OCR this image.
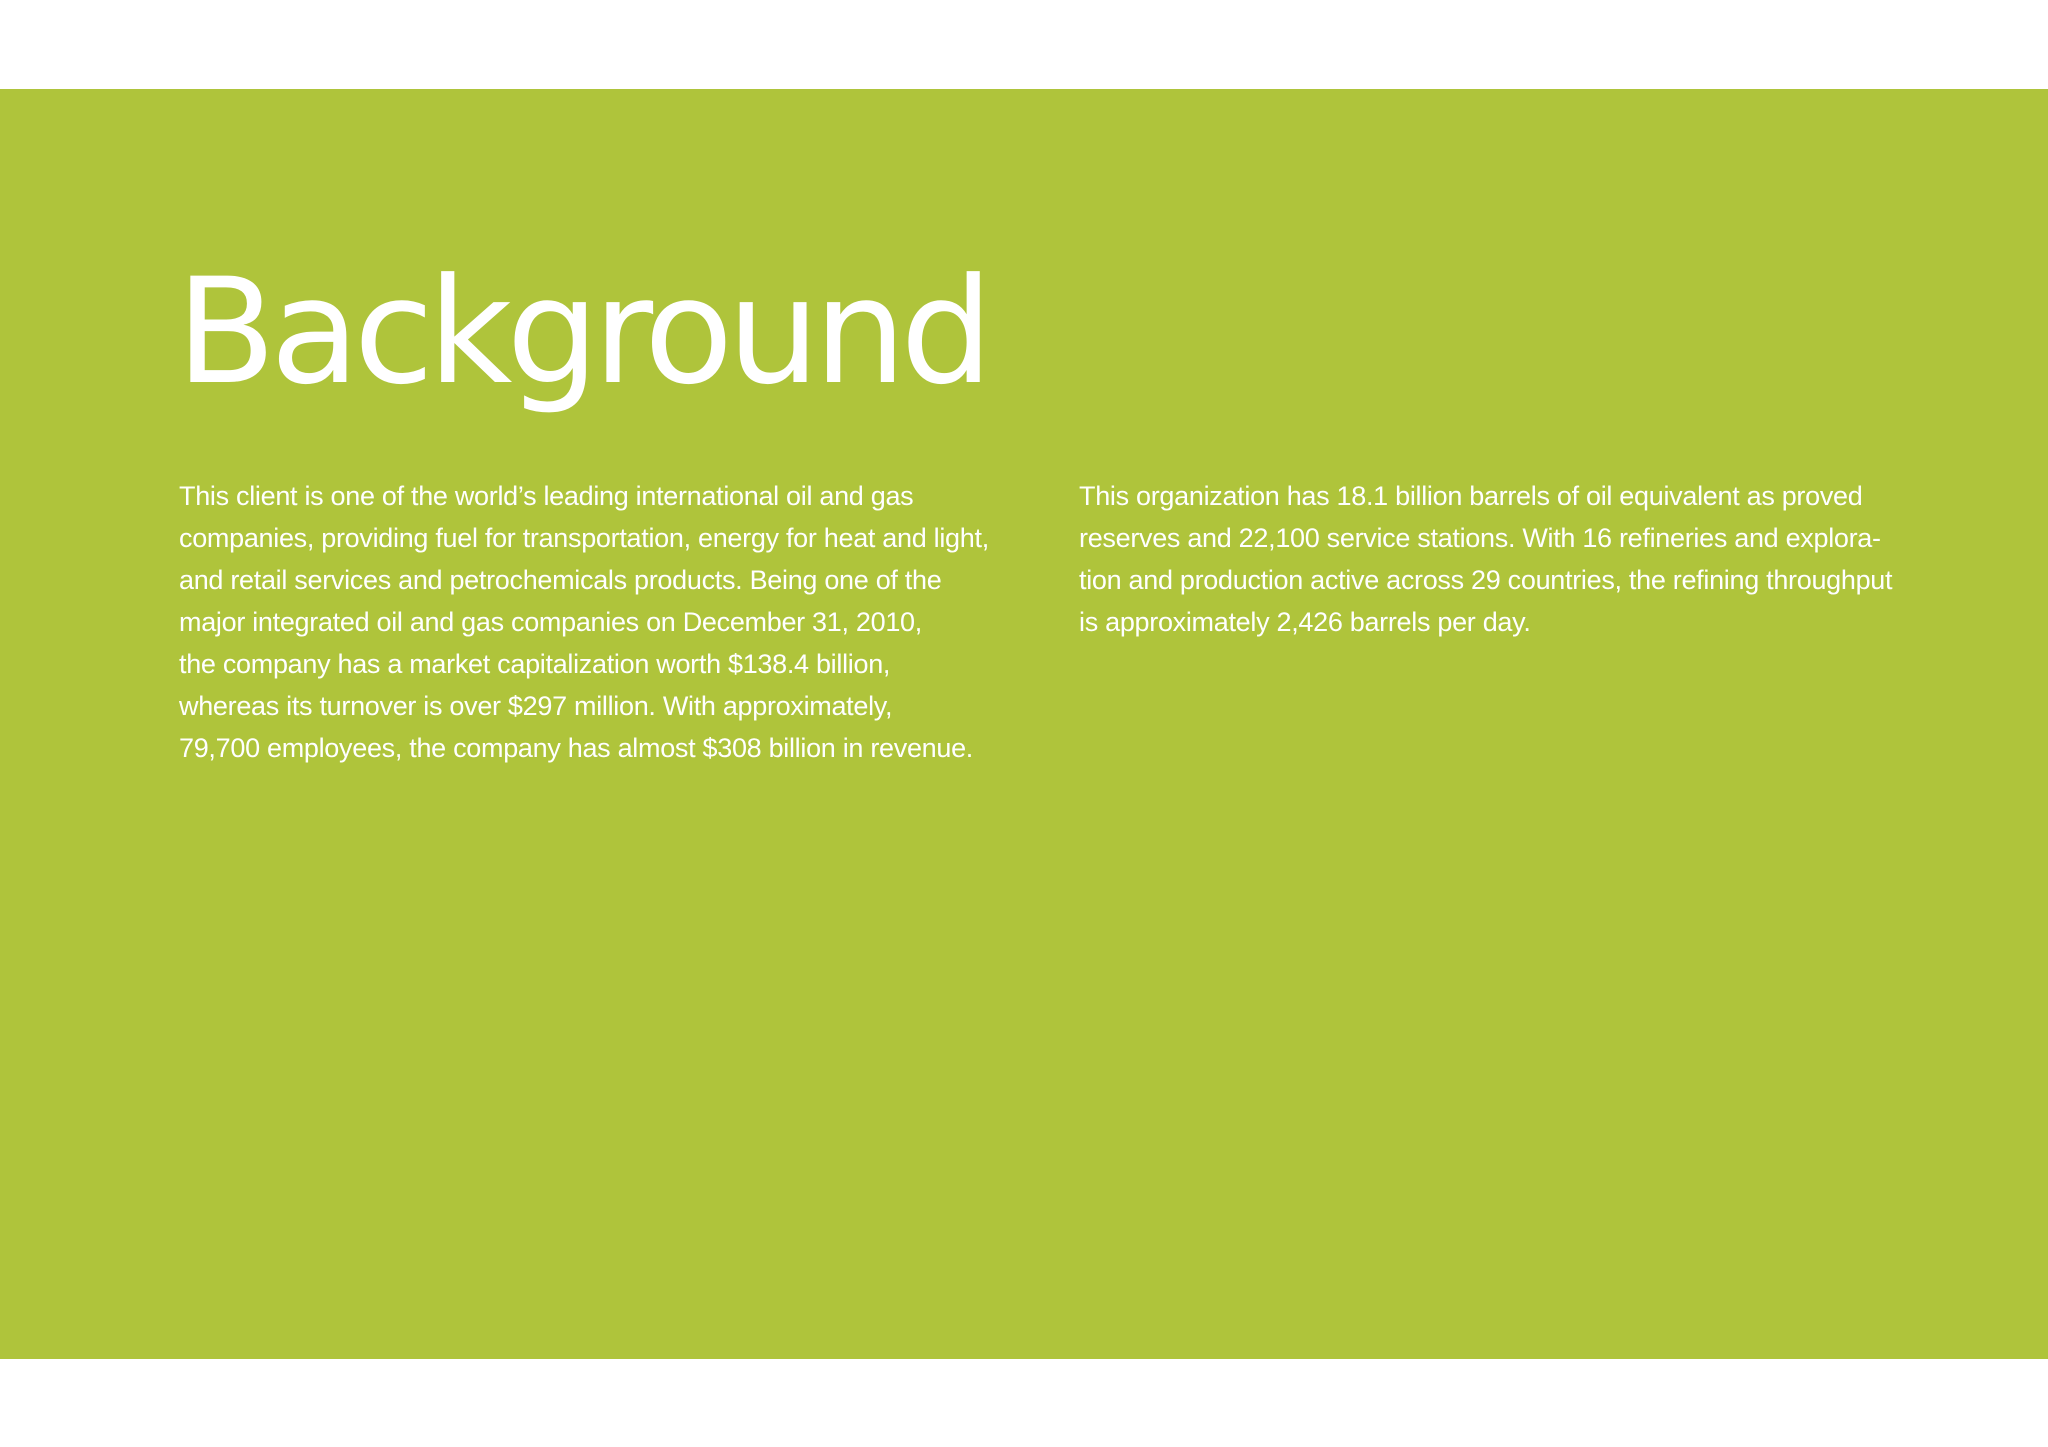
Background

This client is one of the world’s leading international oil and gas
companies, providing fuel for transportation, energy for heat and light,
and retail services and petrochemicals products. Being one of the
major integrated oil and gas companies on December 31, 2010,
the company has a market capitalization worth $138.4 billion,
whereas its turnover is over $297 million. With approximately,
79,700 employees, the company has almost $308 billion in revenue.

This organization has 18.1 billion barrels of oil equivalent as proved
reserves and 22,100 service stations. With 16 refineries and explora-
tion and production active across 29 countries, the refining throughput
is approximately 2,426 barrels per day.

13
